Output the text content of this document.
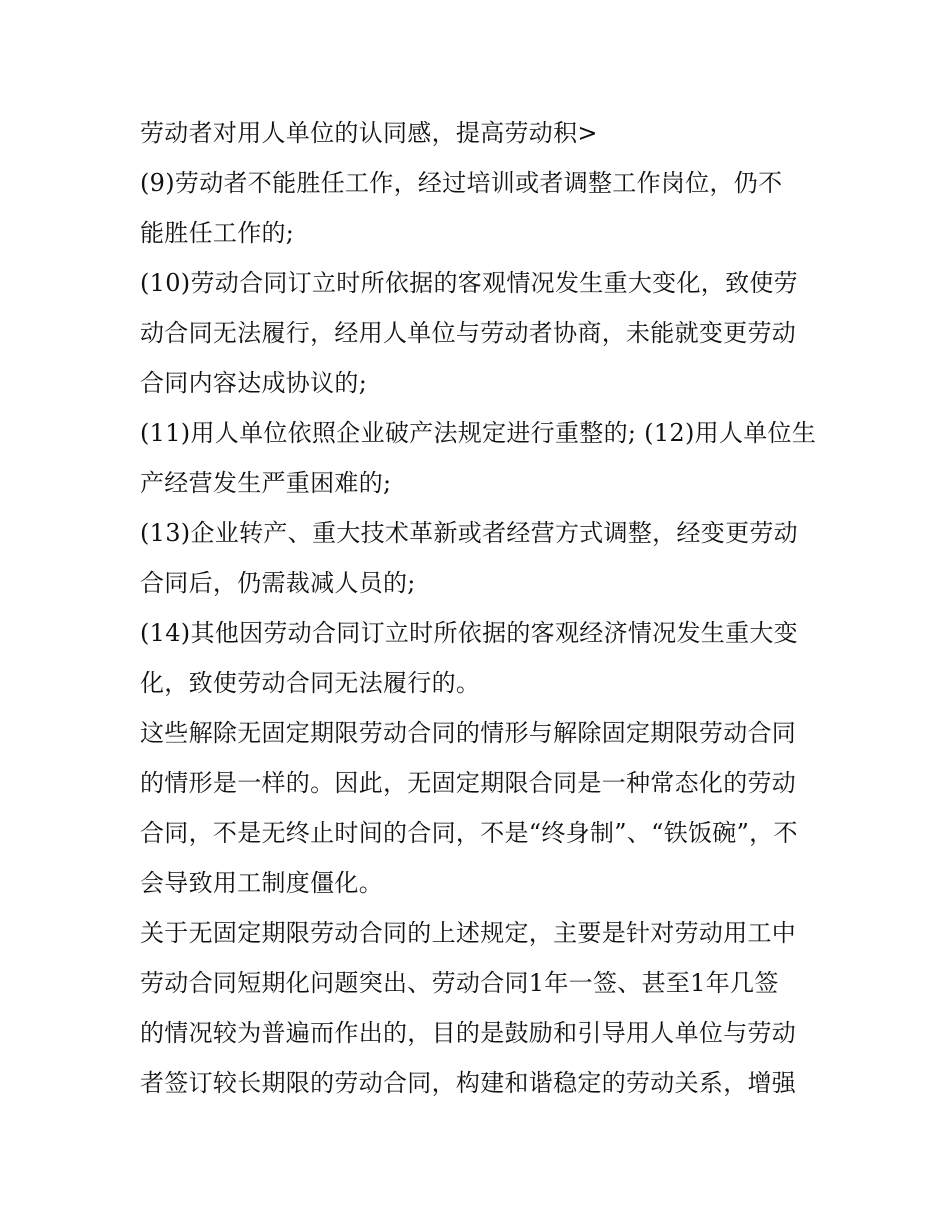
劳动者对用人单位的认同感，提高劳动积>
(9)劳动者不能胜任工作，经过培训或者调整工作岗位，仍不
能胜任工作的;
(10)劳动合同订立时所依据的客观情况发生重大变化，致使劳
动合同无法履行，经用人单位与劳动者协商，未能就变更劳动
合同内容达成协议的;
(11)用人单位依照企业破产法规定进行重整的; (12)用人单位生
产经营发生严重困难的;
(13)企业转产、重大技术革新或者经营方式调整，经变更劳动
合同后，仍需裁减人员的;
(14)其他因劳动合同订立时所依据的客观经济情况发生重大变
化，致使劳动合同无法履行的。
这些解除无固定期限劳动合同的情形与解除固定期限劳动合同
的情形是一样的。因此，无固定期限合同是一种常态化的劳动
合同，不是无终止时间的合同，不是“终身制”、“铁饭碗”，不
会导致用工制度僵化。
关于无固定期限劳动合同的上述规定，主要是针对劳动用工中
劳动合同短期化问题突出、劳动合同1年一签、甚至1年几签
的情况较为普遍而作出的，目的是鼓励和引导用人单位与劳动
者签订较长期限的劳动合同，构建和谐稳定的劳动关系，增强
